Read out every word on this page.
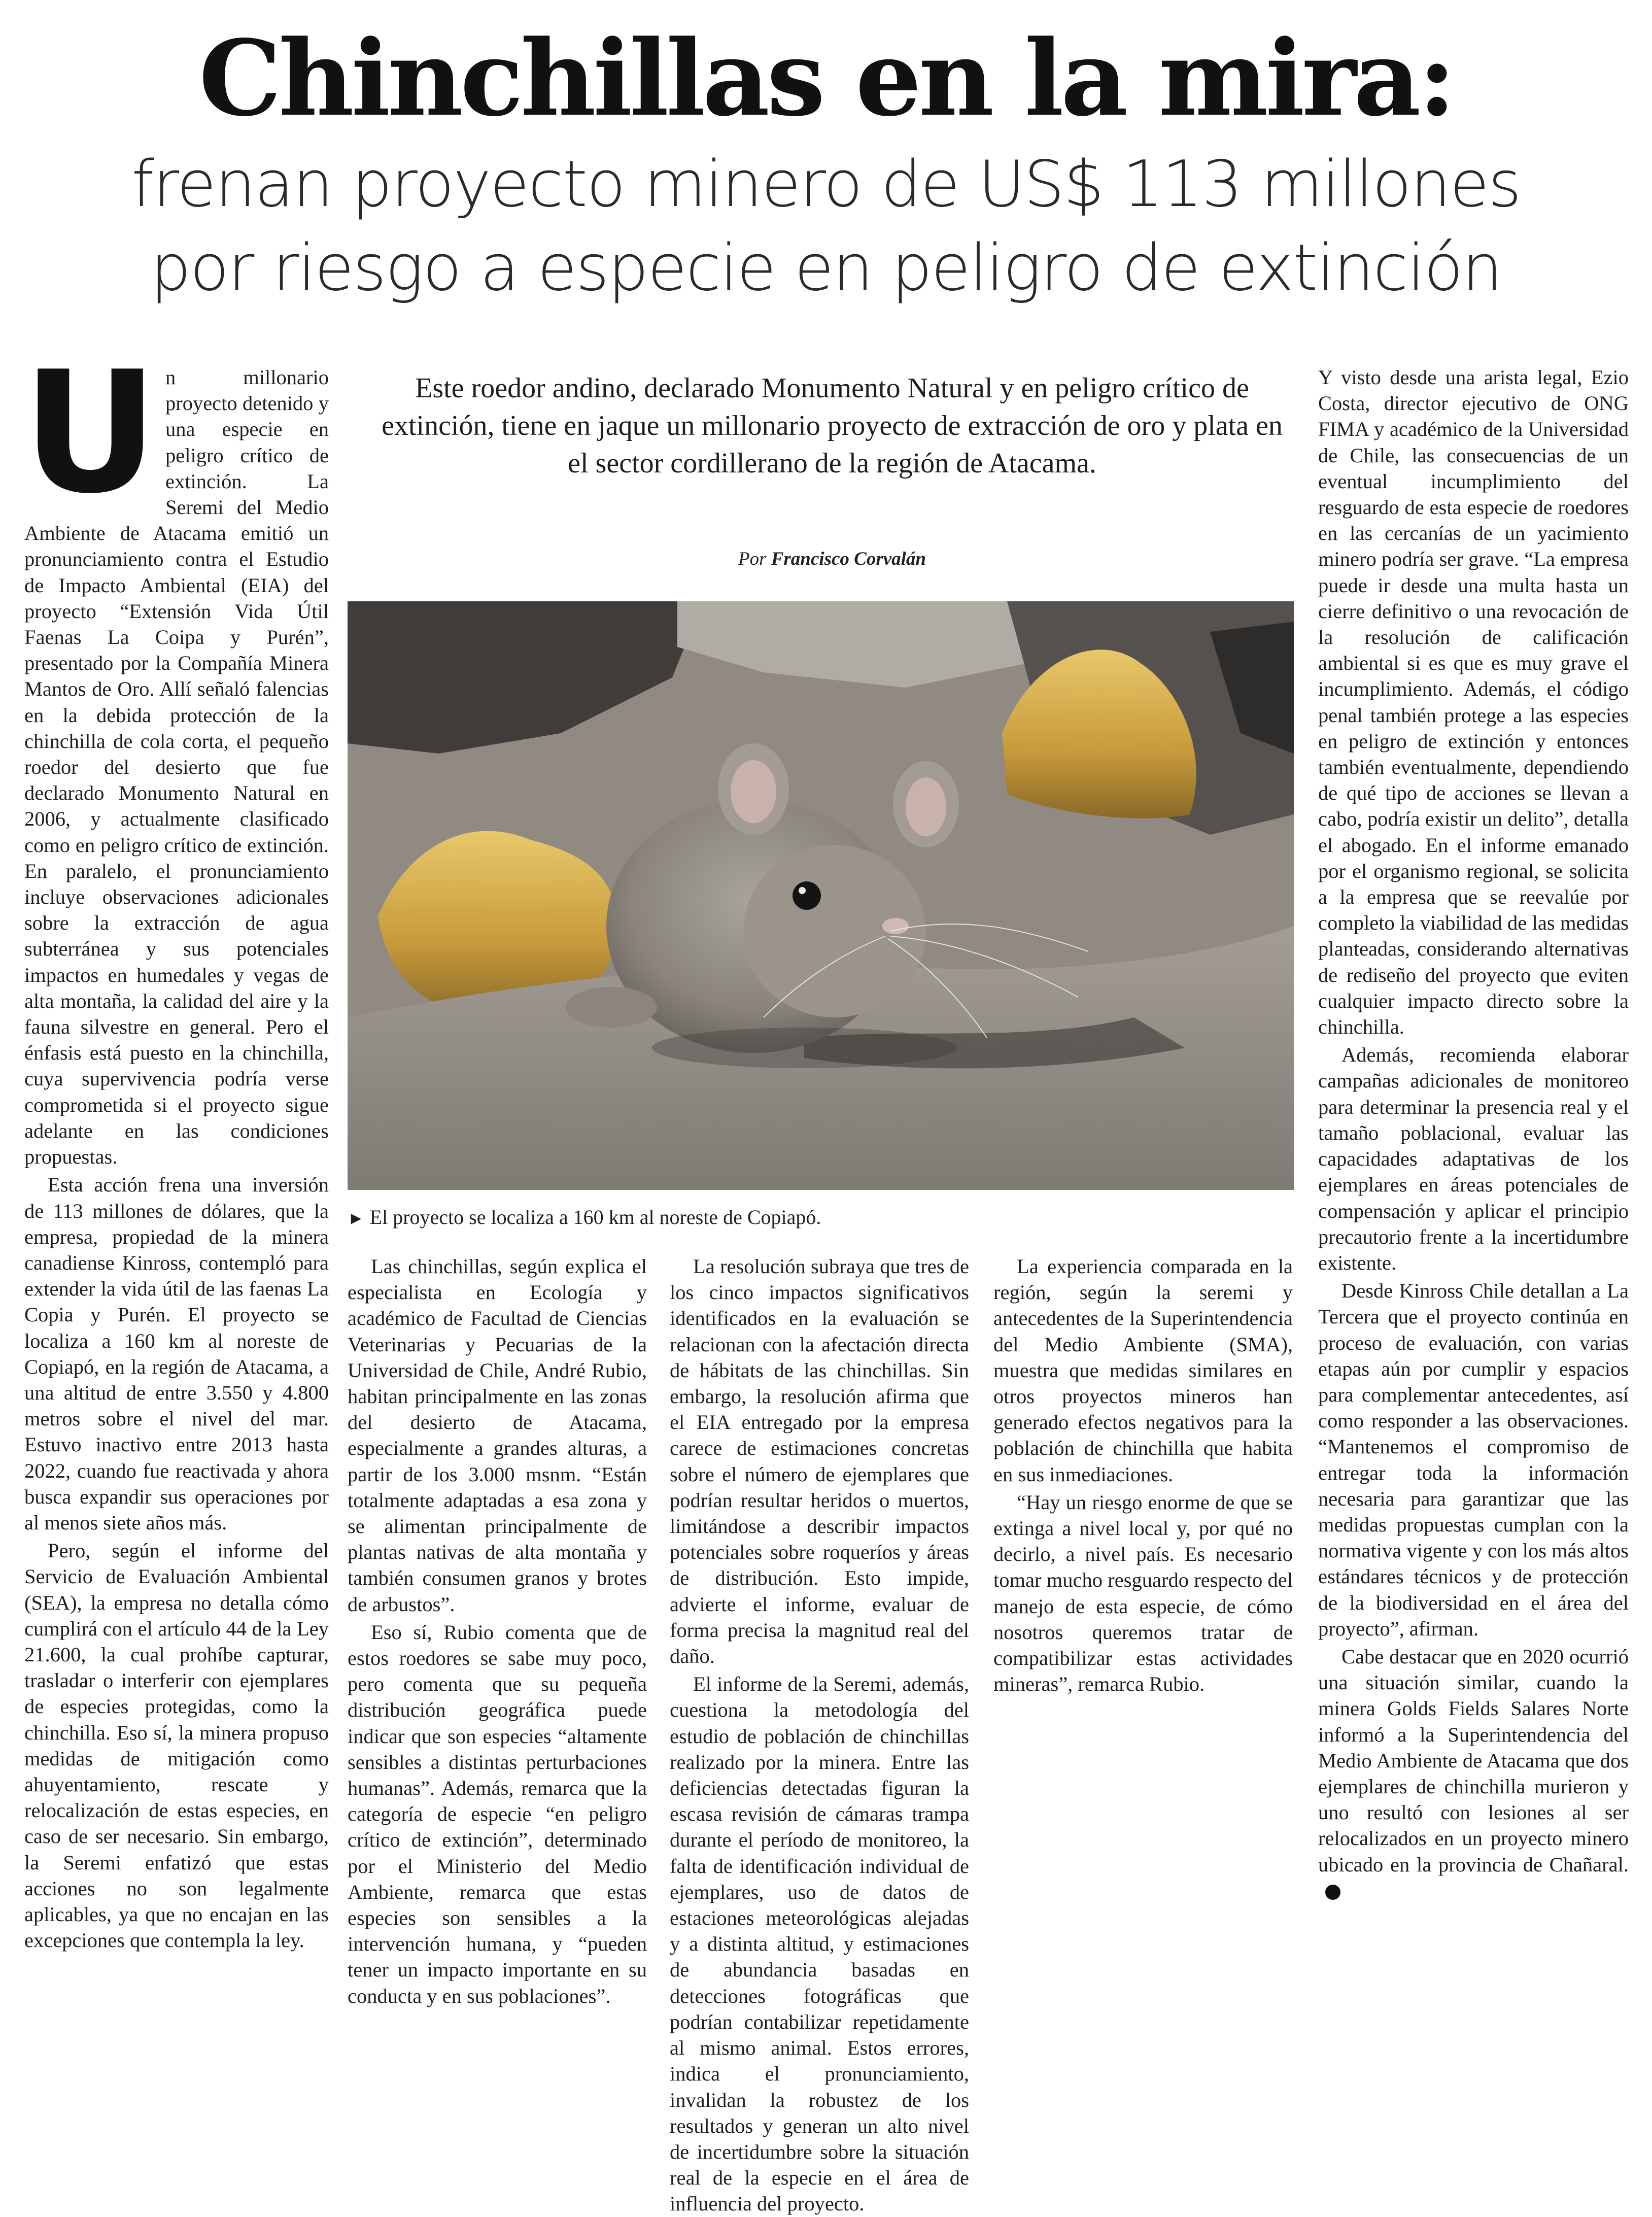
Chinchillas en la mira:
frenan proyecto minero de US$ 113 millones
por riesgo a especie en peligro de extinción
U n millonario proyecto detenido y una especie en peligro crítico de extinción. La Seremi del Medio Ambiente de Atacama emitió un pronunciamiento contra el Estudio de Impacto Ambiental (EIA) del proyecto “Extensión Vida Útil Faenas La Coipa y Purén”, presentado por la Compañía Minera Mantos de Oro. Allí señaló falencias en la debida protección de la chinchilla de cola corta, el pequeño roedor del desierto que fue declarado Monumento Natural en 2006, y actualmente clasificado como en peligro crítico de extinción. En paralelo, el pronunciamiento incluye observaciones adicionales sobre la extracción de agua subterránea y sus potenciales impactos en humedales y vegas de alta montaña, la calidad del aire y la fauna silvestre en general. Pero el énfasis está puesto en la chinchilla, cuya supervivencia podría verse comprometida si el proyecto sigue adelante en las condiciones propuestas.

Esta acción frena una inversión de 113 millones de dólares, que la empresa, propiedad de la minera canadiense Kinross, contempló para extender la vida útil de las faenas La Copia y Purén. El proyecto se localiza a 160 km al noreste de Copiapó, en la región de Atacama, a una altitud de entre 3.550 y 4.800 metros sobre el nivel del mar. Estuvo inactivo entre 2013 hasta 2022, cuando fue reactivada y ahora busca expandir sus operaciones por al menos siete años más.

Pero, según el informe del Servicio de Evaluación Ambiental (SEA), la empresa no detalla cómo cumplirá con el artículo 44 de la Ley 21.600, la cual prohíbe capturar, trasladar o interferir con ejemplares de especies protegidas, como la chinchilla. Eso sí, la minera propuso medidas de mitigación como ahuyentamiento, rescate y relocalización de estas especies, en caso de ser necesario. Sin embargo, la Seremi enfatizó que estas acciones no son legalmente aplicables, ya que no encajan en las excepciones que contempla la ley.

Este roedor andino, declarado Monumento Natural y en peligro crítico de extinción, tiene en jaque un millonario proyecto de extracción de oro y plata en el sector cordillerano de la región de Atacama.
Por Francisco Corvalán
► El proyecto se localiza a 160 km al noreste de Copiapó.

Las chinchillas, según explica el especialista en Ecología y académico de Facultad de Ciencias Veterinarias y Pecuarias de la Universidad de Chile, André Rubio, habitan principalmente en las zonas del desierto de Atacama, especialmente a grandes alturas, a partir de los 3.000 msnm. “Están totalmente adaptadas a esa zona y se alimentan principalmente de plantas nativas de alta montaña y también consumen granos y brotes de arbustos”.

Eso sí, Rubio comenta que de estos roedores se sabe muy poco, pero comenta que su pequeña distribución geográfica puede indicar que son especies “altamente sensibles a distintas perturbaciones humanas”. Además, remarca que la categoría de especie “en peligro crítico de extinción”, determinado por el Ministerio del Medio Ambiente, remarca que estas especies son sensibles a la intervención humana, y “pueden tener un impacto importante en su conducta y en sus poblaciones”.

La resolución subraya que tres de los cinco impactos significativos identificados en la evaluación se relacionan con la afectación directa de hábitats de las chinchillas. Sin embargo, la resolución afirma que el EIA entregado por la empresa carece de estimaciones concretas sobre el número de ejemplares que podrían resultar heridos o muertos, limitándose a describir impactos potenciales sobre roqueríos y áreas de distribución. Esto impide, advierte el informe, evaluar de forma precisa la magnitud real del daño.

El informe de la Seremi, además, cuestiona la metodología del estudio de población de chinchillas realizado por la minera. Entre las deficiencias detectadas figuran la escasa revisión de cámaras trampa durante el período de monitoreo, la falta de identificación individual de ejemplares, uso de datos de estaciones meteorológicas alejadas y a distinta altitud, y estimaciones de abundancia basadas en detecciones fotográficas que podrían contabilizar repetidamente al mismo animal. Estos errores, indica el pronunciamiento, invalidan la robustez de los resultados y generan un alto nivel de incertidumbre sobre la situación real de la especie en el área de influencia del proyecto.

La experiencia comparada en la región, según la seremi y antecedentes de la Superintendencia del Medio Ambiente (SMA), muestra que medidas similares en otros proyectos mineros han generado efectos negativos para la población de chinchilla que habita en sus inmediaciones.

“Hay un riesgo enorme de que se extinga a nivel local y, por qué no decirlo, a nivel país. Es necesario tomar mucho resguardo respecto del manejo de esta especie, de cómo nosotros queremos tratar de compatibilizar estas actividades mineras”, remarca Rubio.

Y visto desde una arista legal, Ezio Costa, director ejecutivo de ONG FIMA y académico de la Universidad de Chile, las consecuencias de un eventual incumplimiento del resguardo de esta especie de roedores en las cercanías de un yacimiento minero podría ser grave. “La empresa puede ir desde una multa hasta un cierre definitivo o una revocación de la resolución de calificación ambiental si es que es muy grave el incumplimiento. Además, el código penal también protege a las especies en peligro de extinción y entonces también eventualmente, dependiendo de qué tipo de acciones se llevan a cabo, podría existir un delito”, detalla el abogado. En el informe emanado por el organismo regional, se solicita a la empresa que se reevalúe por completo la viabilidad de las medidas planteadas, considerando alternativas de rediseño del proyecto que eviten cualquier impacto directo sobre la chinchilla.

Además, recomienda elaborar campañas adicionales de monitoreo para determinar la presencia real y el tamaño poblacional, evaluar las capacidades adaptativas de los ejemplares en áreas potenciales de compensación y aplicar el principio precautorio frente a la incertidumbre existente.

Desde Kinross Chile detallan a La Tercera que el proyecto continúa en proceso de evaluación, con varias etapas aún por cumplir y espacios para complementar antecedentes, así como responder a las observaciones. “Mantenemos el compromiso de entregar toda la información necesaria para garantizar que las medidas propuestas cumplan con la normativa vigente y con los más altos estándares técnicos y de protección de la biodiversidad en el área del proyecto”, afirman.

Cabe destacar que en 2020 ocurrió una situación similar, cuando la minera Golds Fields Salares Norte informó a la Superintendencia del Medio Ambiente de Atacama que dos ejemplares de chinchilla murieron y uno resultó con lesiones al ser relocalizados en un proyecto minero ubicado en la provincia de Chañaral.
